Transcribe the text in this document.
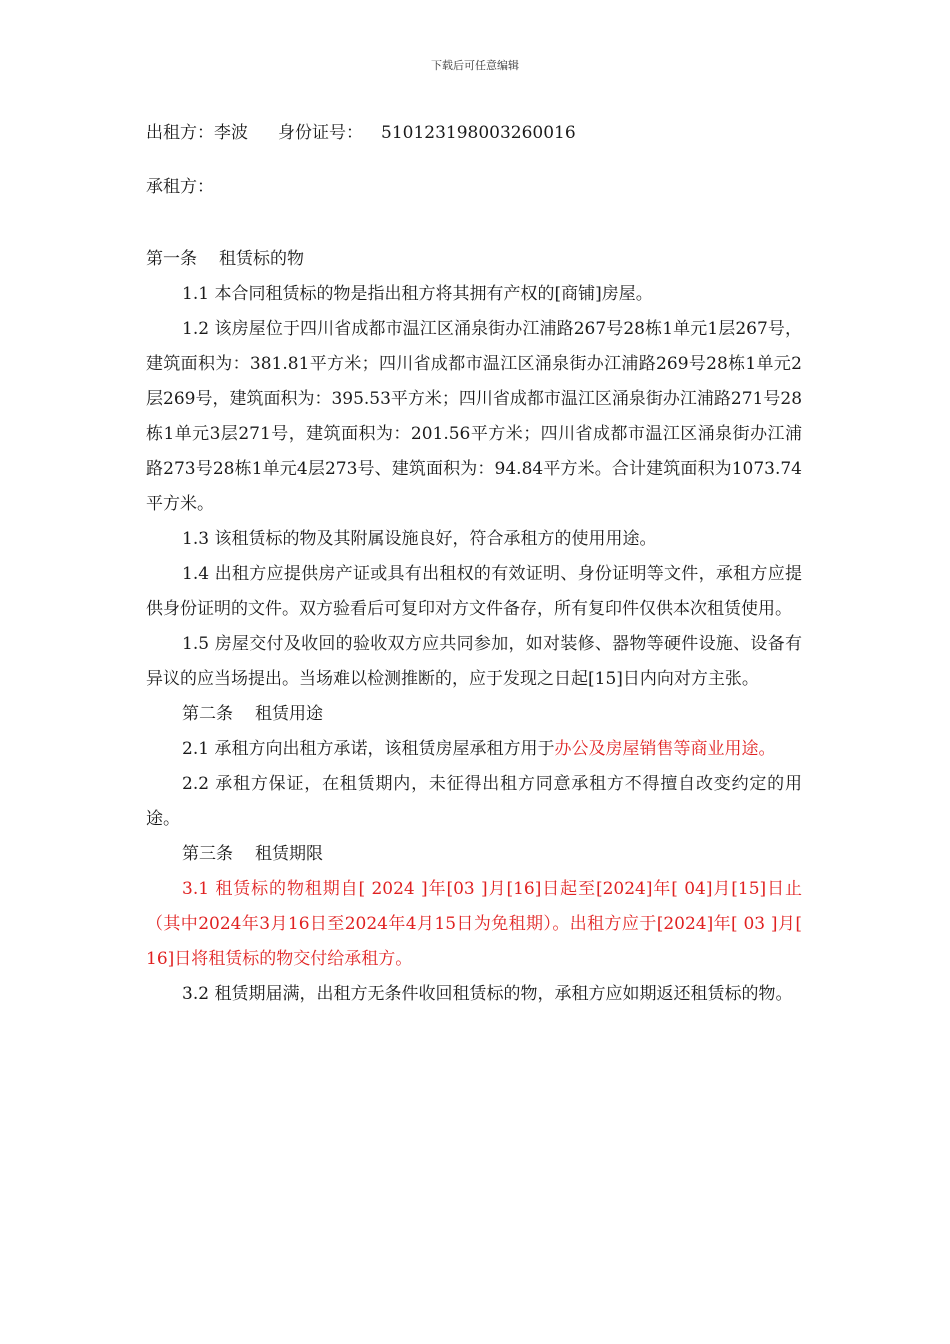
下载后可任意编辑
出租方：李波 身份证号： 510123198003260016
承租方：

第一条 租赁标的物

1.1 本合同租赁标的物是指出租方将其拥有产权的[商铺]房屋。

1.2 该房屋位于四川省成都市温江区涌泉街办江浦路267号28栋1单元1层267号，建筑面积为：381.81平方米；四川省成都市温江区涌泉街办江浦路269号28栋1单元2层269号，建筑面积为：395.53平方米；四川省成都市温江区涌泉街办江浦路271号28栋1单元3层271号，建筑面积为：201.56平方米；四川省成都市温江区涌泉街办江浦路273号28栋1单元4层273号、建筑面积为：94.84平方米。合计建筑面积为1073.74平方米。

1.3 该租赁标的物及其附属设施良好，符合承租方的使用用途。

1.4 出租方应提供房产证或具有出租权的有效证明、身份证明等文件，承租方应提供身份证明的文件。双方验看后可复印对方文件备存，所有复印件仅供本次租赁使用。

1.5 房屋交付及收回的验收双方应共同参加，如对装修、器物等硬件设施、设备有异议的应当场提出。当场难以检测推断的，应于发现之日起[15]日内向对方主张。

第二条 租赁用途

2.1 承租方向出租方承诺，该租赁房屋承租方用于办公及房屋销售等商业用途。

2.2 承租方保证，在租赁期内，未征得出租方同意承租方不得擅自改变约定的用途。

第三条 租赁期限

3.1 租赁标的物租期自[ 2024 ]年[03 ]月[16]日起至[2024]年[ 04]月[15]日止（其中2024年3月16日至2024年4月15日为免租期）。出租方应于[2024]年[ 03 ]月[ 16]日将租赁标的物交付给承租方。

3.2 租赁期届满，出租方无条件收回租赁标的物，承租方应如期返还租赁标的物。
